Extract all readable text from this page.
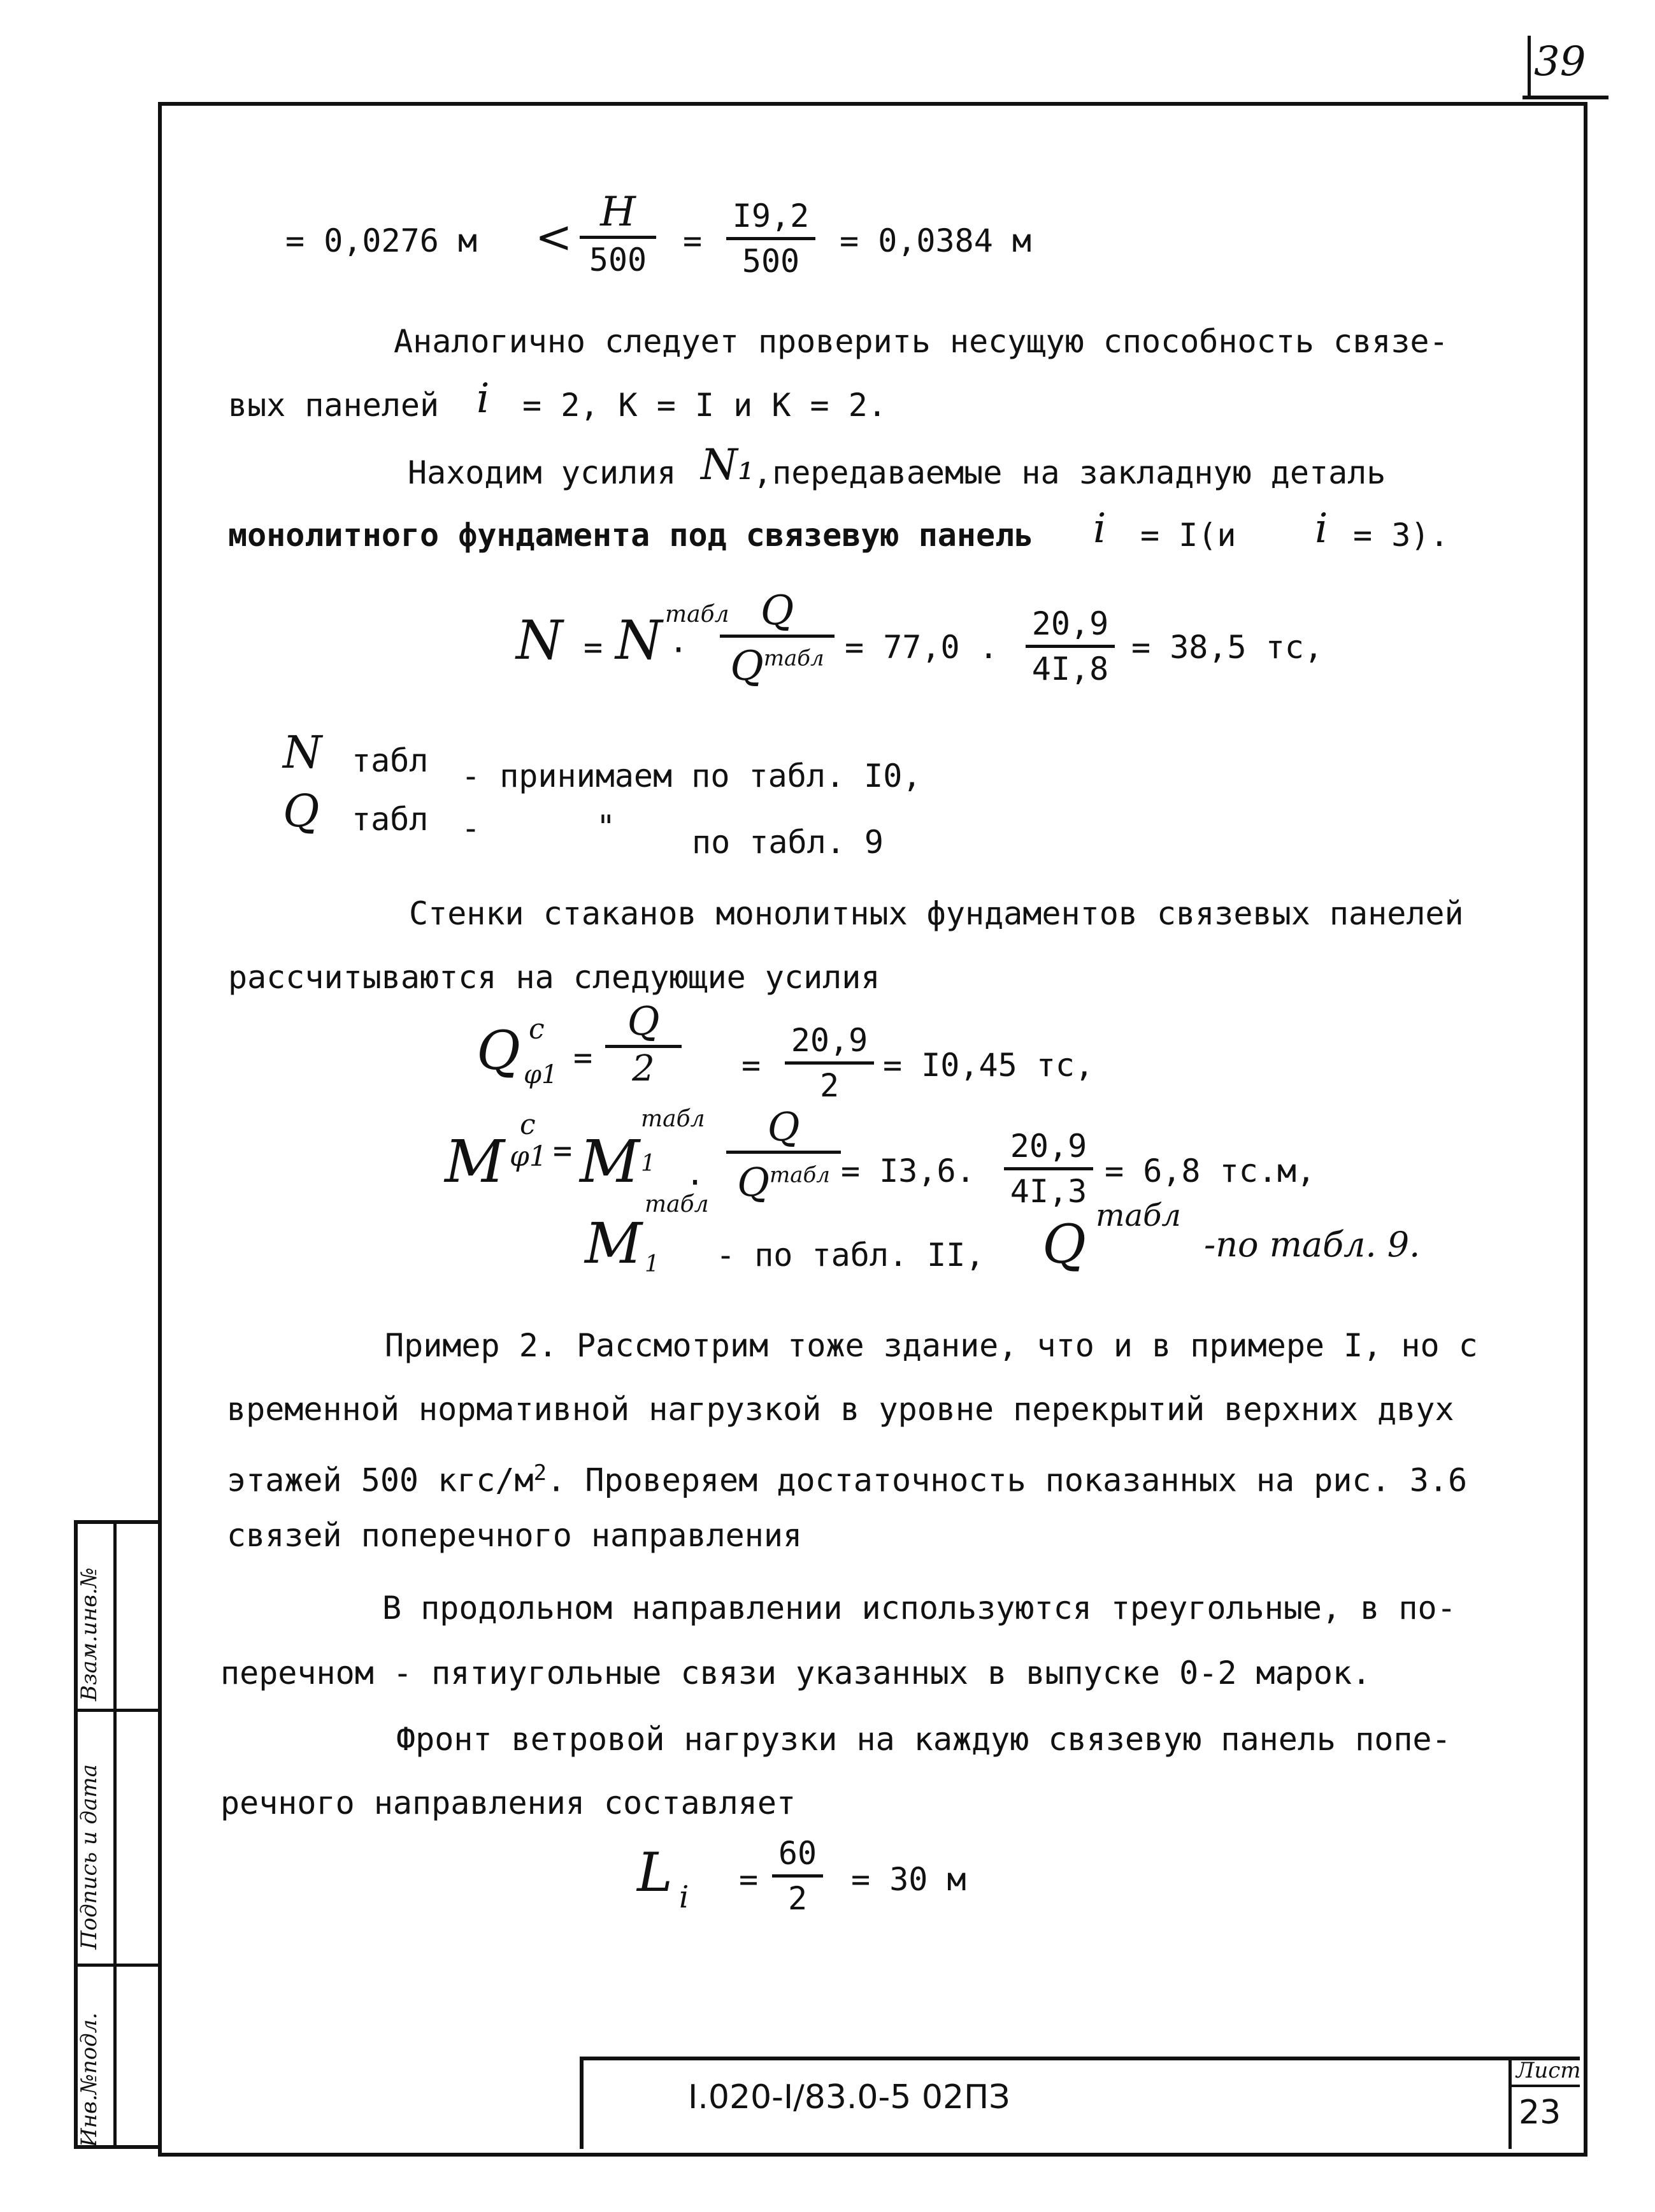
39
= 0,0276 м < H
500
=
I9,2
500
= 0,0384 м
Аналогично следует проверить несущую способность связе-
вых панелей i = 2, К = I и К = 2.
Находим усилия N₁
,передаваемые на закладную деталь
монолитного фундамента под связевую панель i = I(и i = 3).
N = N табл
·
Q
$Q^{табл} = 77,0$ .
20,9
4I,8
= 38,5 тс,
N табл - принимаем по табл. I0,
Q табл -	" по табл. 9
Стенки стаканов монолитных фундаментов связевых панелей
рассчитываются на следующие усилия
Q c
φ1 =
Q
2	=
20,9
2
= I0,45 тс,
M
c
φ1 = M
табл
1
·
Q
$Q^{табл} = I3,6$.
20,9
4I,3
= 6,8 тс.м,
M
табл
1 - по табл. II, Q табл
-по табл. 9.
Пример 2. Рассмотрим тоже здание, что и в примере I, но с
временной нормативной нагрузкой в уровне перекрытий верхних двух
этажей 500 кгс/$м^2$. Проверяем достаточность показанных на рис. 3.6
связей поперечного направления
В продольном направлении используются треугольные, в по-
перечном - пятиугольные связи указанных в выпуске 0-2 марок.
Фронт ветровой нагрузки на каждую связевую панель попе-
речного направления составляет
L i =
60
2
= 30 м
Инв.№подл.
Подпись и дата
Взам.инв.№
I.020-I/83.0-5 02ПЗ
Лист
23
